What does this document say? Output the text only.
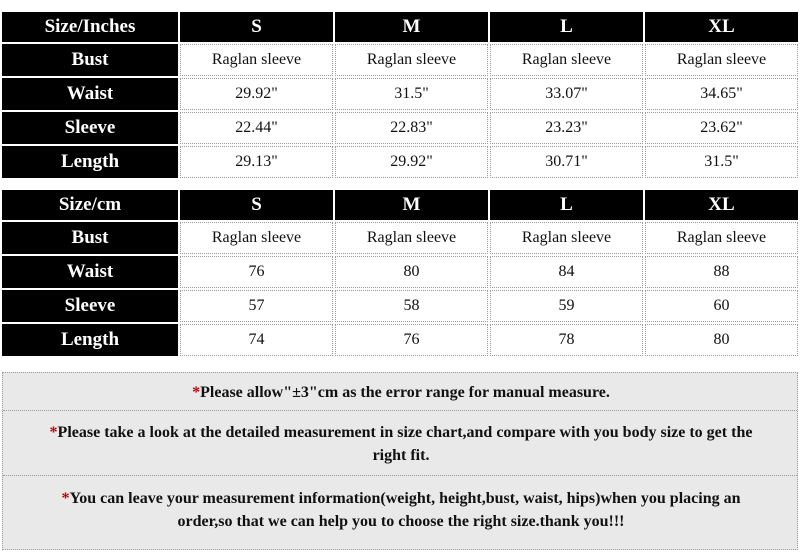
Size/Inches	S	M	L	XL
Bust	Raglan sleeve	Raglan sleeve	Raglan sleeve	Raglan sleeve
Waist	29.92"	31.5"	33.07"	34.65"
Sleeve	22.44"	22.83"	23.23"	23.62"
Length	29.13"	29.92"	30.71"	31.5"
Size/cm	S	M	L	XL
Bust	Raglan sleeve	Raglan sleeve	Raglan sleeve	Raglan sleeve
Waist	76	80	84	88
Sleeve	57	58	59	60
Length	74	76	78	80
*Please allow"±3"cm as the error range for manual measure.
*Please take a look at the detailed measurement in size chart,and compare with you body size to get the
right fit.
*You can leave your measurement information(weight, height,bust, waist, hips)when you placing an
order,so that we can help you to choose the right size.thank you!!!
